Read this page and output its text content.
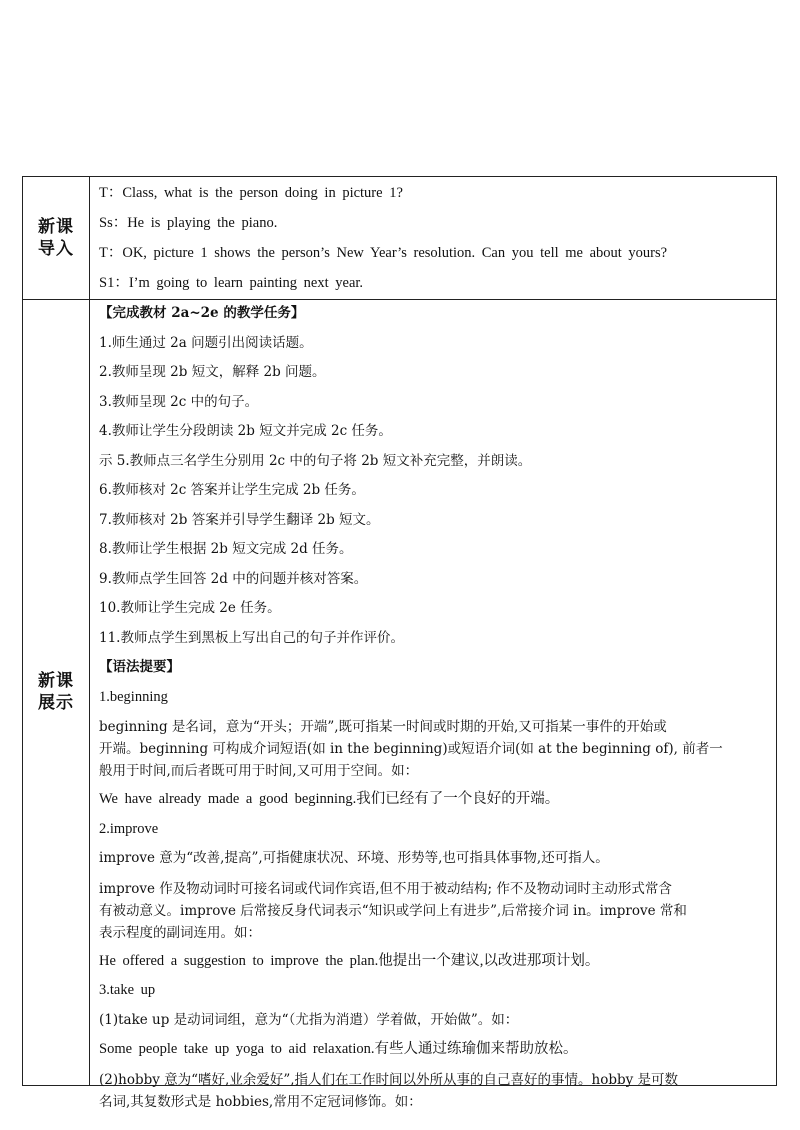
新课导入
T：Class, what is the person doing in picture 1?
Ss：He is playing the piano.
T：OK, picture 1 shows the person’s New Year’s resolution. Can you tell me about yours?
S1：I’m going to learn painting next year.
新课展示
【完成教材 2a~2e 的教学任务】
1.师生通过 2a 问题引出阅读话题。
2.教师呈现 2b 短文，解释 2b 问题。
3.教师呈现 2c 中的句子。
4.教师让学生分段朗读 2b 短文并完成 2c 任务。
示 5.教师点三名学生分别用 2c 中的句子将 2b 短文补充完整，并朗读。
6.教师核对 2c 答案并让学生完成 2b 任务。
7.教师核对 2b 答案并引导学生翻译 2b 短文。
8.教师让学生根据 2b 短文完成 2d 任务。
9.教师点学生回答 2d 中的问题并核对答案。
10.教师让学生完成 2e 任务。
11.教师点学生到黑板上写出自己的句子并作评价。
【语法提要】
1.beginning
beginning 是名词，意为“开头；开端”,既可指某一时间或时期的开始,又可指某一事件的开始或
开端。beginning 可构成介词短语(如 in the beginning)或短语介词(如 at the beginning of), 前者一
般用于时间,而后者既可用于时间,又可用于空间。如：
We have already made a good beginning.我们已经有了一个良好的开端。
2.improve
improve 意为“改善,提高”,可指健康状况、环境、形势等,也可指具体事物,还可指人。
improve 作及物动词时可接名词或代词作宾语,但不用于被动结构; 作不及物动词时主动形式常含
有被动意义。improve 后常接反身代词表示“知识或学问上有进步”,后常接介词 in。improve 常和
表示程度的副词连用。如：
He offered a suggestion to improve the plan.他提出一个建议,以改进那项计划。
3.take up
(1)take up 是动词词组，意为“（尤指为消遣）学着做，开始做”。如：
Some people take up yoga to aid relaxation.有些人通过练瑜伽来帮助放松。
(2)hobby 意为“嗜好,业余爱好”,指人们在工作时间以外所从事的自己喜好的事情。hobby 是可数
名词,其复数形式是 hobbies,常用不定冠词修饰。如：
